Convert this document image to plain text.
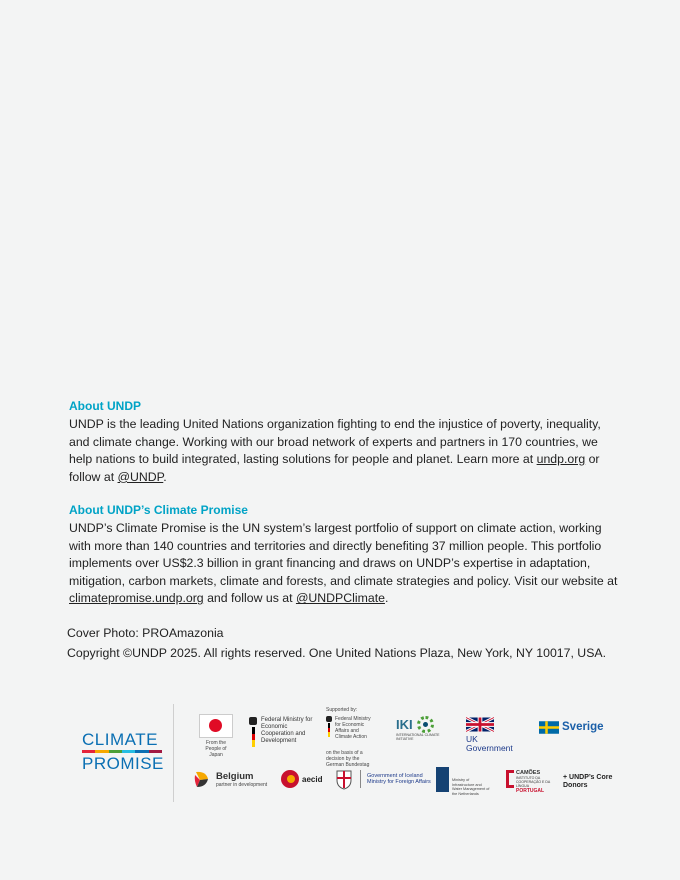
About UNDP
UNDP is the leading United Nations organization fighting to end the injustice of poverty, inequality, and climate change. Working with our broad network of experts and partners in 170 countries, we help nations to build integrated, lasting solutions for people and planet. Learn more at undp.org or follow at @UNDP.
About UNDP’s Climate Promise
UNDP’s Climate Promise is the UN system’s largest portfolio of support on climate action, working with more than 140 countries and territories and directly benefiting 37 million people. This portfolio implements over US$2.3 billion in grant financing and draws on UNDP’s expertise in adaptation, mitigation, carbon markets, climate and forests, and climate strategies and policy. Visit our website at climatepromise.undp.org and follow us at @UNDPClimate.
Cover Photo: PROAmazonia
Copyright ©UNDP 2025. All rights reserved. One United Nations Plaza, New York, NY 10017, USA.
CLIMATE
PROMISE
From the People of Japan
Federal Ministry for Economic Cooperation and Development
Supported by:
Federal Ministry for Economic Affairs and Climate Action
on the basis of a decision by the German Bundestag
IKI
INTERNATIONAL CLIMATE INITIATIVE	UK Government
Sverige
Belgium
partner in development
aecid	Government of Iceland
Ministry for Foreign Affairs	Ministry of Infrastructure and Water Management of the Netherlands
CAMÕES
INSTITUTO DA COOPERAÇÃO E DA LÍNGUA
PORTUGAL
+ UNDP’s Core Donors
